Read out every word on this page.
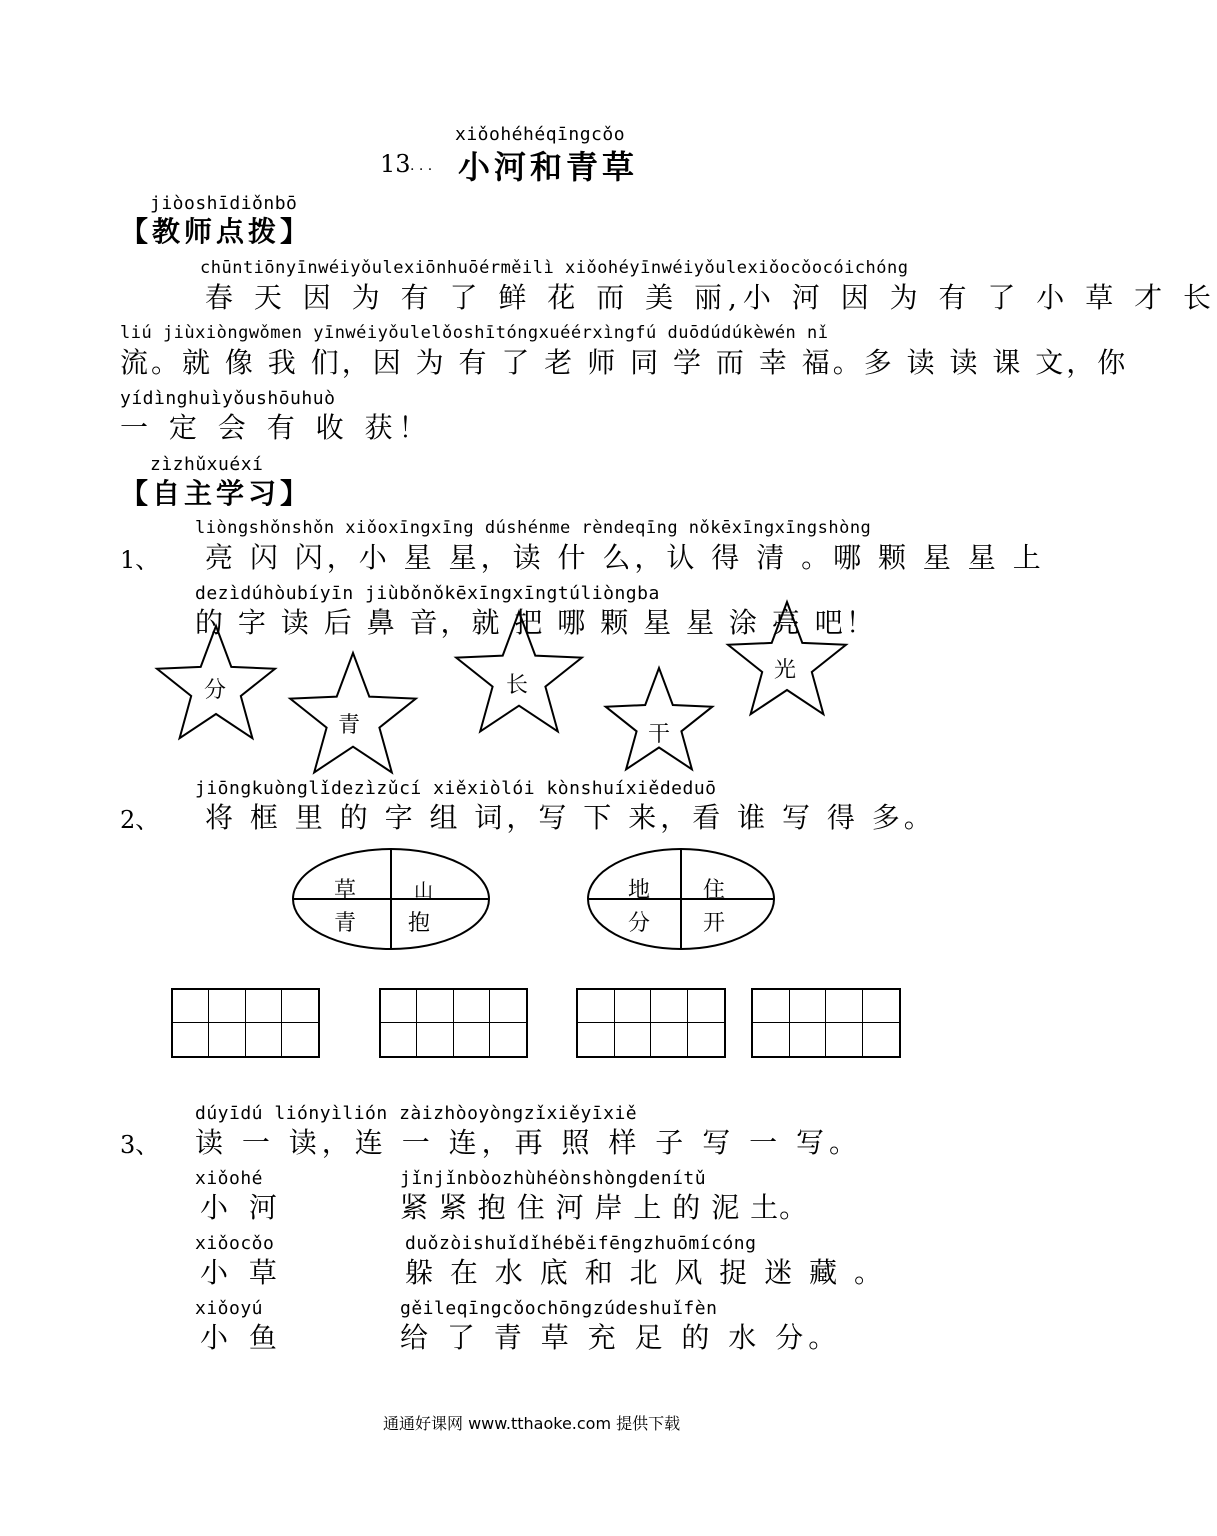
xiǒohéhéqīngcǒo
13 . . . 小河和青草
jiòoshīdiǒnbō
【教师点拨】
chūntiōnyīnwéiyǒulexiōnhuōérměilì xiǒohéyīnwéiyǒulexiǒocǒocóichóng
春 天 因 为 有 了 鲜 花 而 美 丽,小 河 因 为 有 了 小 草 才 长
liú jiùxiòngwǒmen yīnwéiyǒulelǒoshītóngxuéérxìngfú duōdúdúkèwén nǐ
流。就 像 我 们，因 为 有 了 老 师 同 学 而 幸 福。多 读 读 课 文，你
yídìnghuìyǒushōuhuò
一 定 会 有 收 获！
zìzhǔxuéxí
【自主学习】
liòngshǒnshǒn xiǒoxīngxīng dúshénme rèndeqīng nǒkēxīngxīngshòng
1、 亮 闪 闪，小 星 星，读 什 么，认 得 清 。哪 颗 星 星 上
dezìdúhòubíyīn jiùbǒnǒkēxīngxīngtúliòngba
的 字 读 后 鼻 音，就 把 哪 颗 星 星 涂 亮 吧！
分
青
长
干
光
jiōngkuònglǐdezìzǔcí xiěxiòlói kònshuíxiědeduō
2、 将 框 里 的 字 组 词，写 下 来，看 谁 写 得 多。
草	山
青 抱
地 住
分 开
dúyīdú liónyìlión zàizhòoyòngzǐxiěyīxiě
3、 读 一 读，连 一 连，再 照 样 子 写 一 写。
xiǒohé
小 河
jǐnjǐnbòozhùhéònshòngdenítǔ
紧 紧 抱 住 河 岸 上 的 泥 土。
xiǒocǒo
小 草
duǒzòishuǐdǐhéběifēngzhuōmícóng
躲 在 水 底 和 北 风 捉 迷 藏 。
xiǒoyú
小 鱼
gěileqīngcǒochōngzúdeshuǐfèn
给 了 青 草 充 足 的 水 分。
通通好课网 www.tthaoke.com 提供下载
